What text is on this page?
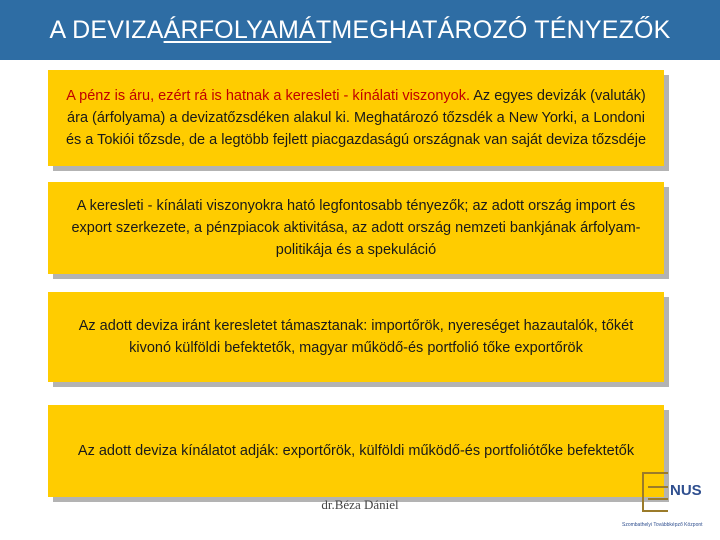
A DEVIZA ÁRFOLYAMÁT MEGHATÁROZÓ TÉNYEZŐK
A pénz is áru, ezért rá is hatnak a keresleti - kínálati viszonyok. Az egyes devizák (valuták) ára (árfolyama) a devizatőzsdéken alakul ki. Meghatározó tőzsdék a New Yorki, a Londoni és a Tokiói tőzsde, de a legtöbb fejlett piacgazdaságú országnak van saját deviza tőzsdéje
A keresleti - kínálati viszonyokra ható legfontosabb tényezők; az adott ország import és export szerkezete, a pénzpiacok aktivitása, az adott ország nemzeti bankjának árfolyam-politikája és a spekuláció
Az adott deviza iránt keresletet támasztanak: importőrök, nyereséget hazautalók, tőkét kivonó külföldi befektetők, magyar működő-és portfolió tőke exportőrök
Az adott deviza kínálatot adják: exportőrök, külföldi működő-és portfoliótőke befektetők
dr.Béza Dániel
NUS
Szombathelyi Továbbképző Központ
